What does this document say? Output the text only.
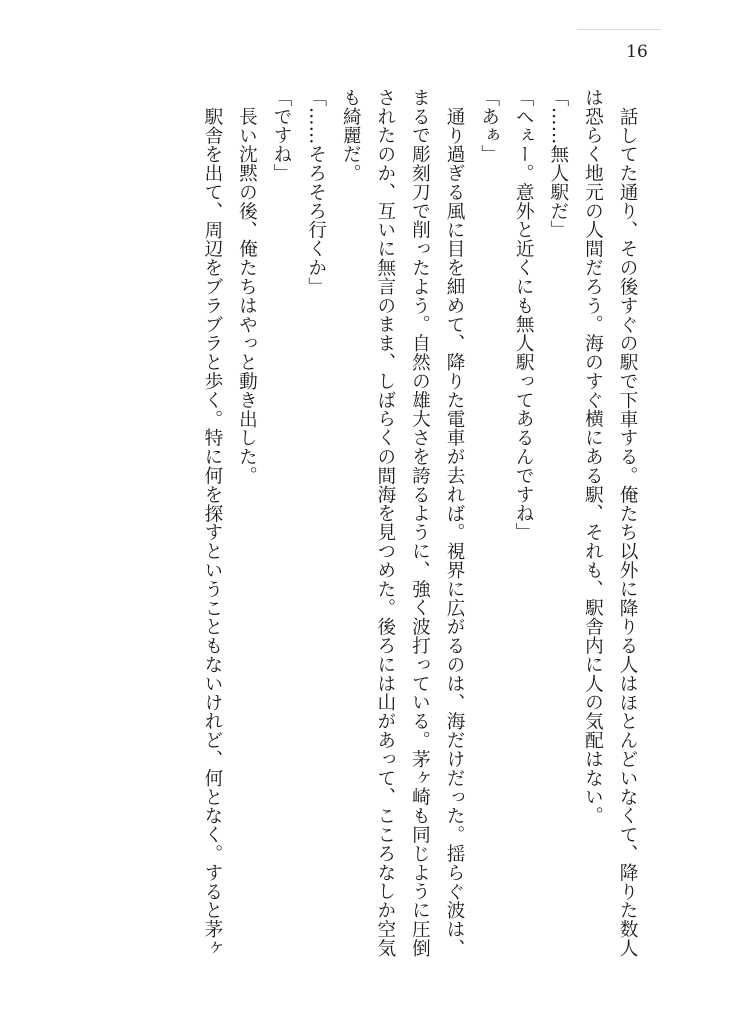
16

話してた通り、その後すぐの駅で下車する。俺たち以外に降りる人はほとんどいなくて、降りた数人は恐らく地元の人間だろう。海のすぐ横にある駅、それも、駅舎内に人の気配はない。

「……無人駅だ」

「へぇー。意外と近くにも無人駅ってあるんですね」

「あぁ」

通り過ぎる風に目を細めて、降りた電車が去れば。視界に広がるのは、海だけだった。揺らぐ波は、まるで彫刻刀で削ったよう。自然の雄大さを誇るように、強く波打っている。茅ヶ崎も同じように圧倒されたのか、互いに無言のまま、しばらくの間海を見つめた。後ろには山があって、こころなしか空気も綺麗だ。

「……そろそろ行くか」

「ですね」

長い沈黙の後、俺たちはやっと動き出した。

駅舎を出て、周辺をブラブラと歩く。特に何を探すということもないけれど、何となく。すると茅ヶ
